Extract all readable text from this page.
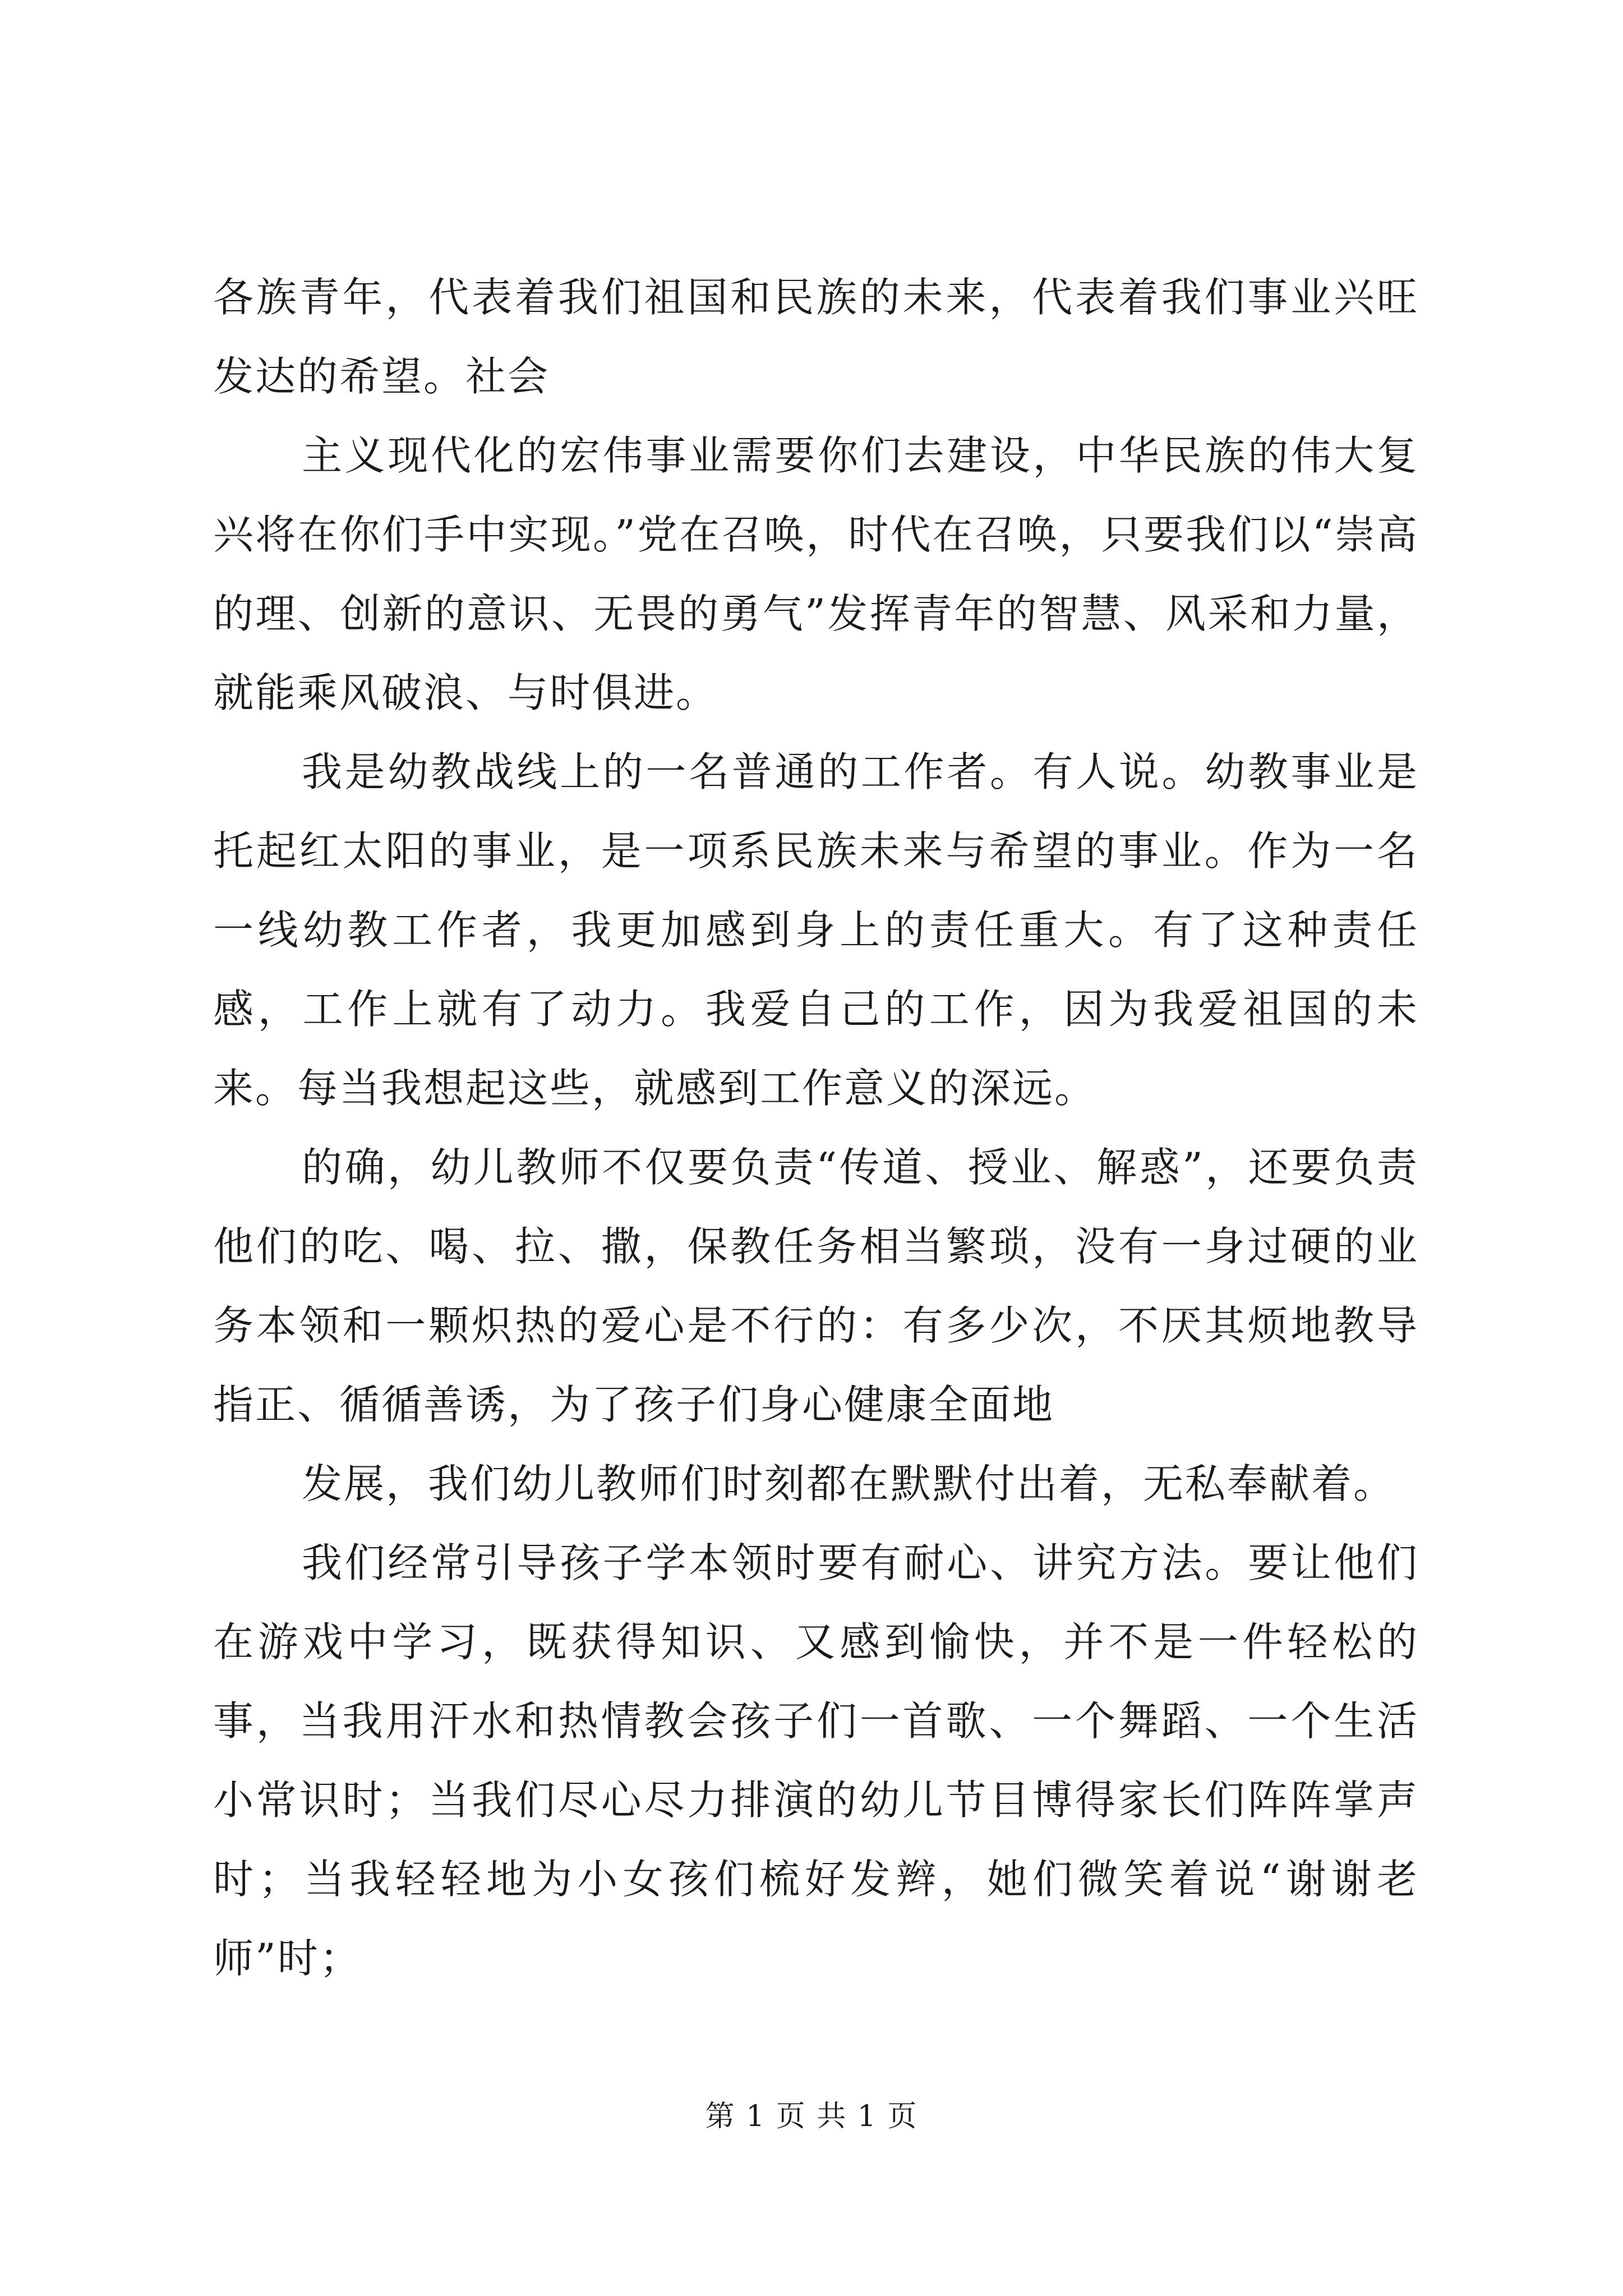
各族青年，代表着我们祖国和民族的未来，代表着我们事业兴旺发达的希望。社会

主义现代化的宏伟事业需要你们去建设，中华民族的伟大复兴将在你们手中实现。”党在召唤，时代在召唤，只要我们以“崇高的理、创新的意识、无畏的勇气”发挥青年的智慧、风采和力量，就能乘风破浪、与时俱进。

我是幼教战线上的一名普通的工作者。有人说。幼教事业是托起红太阳的事业，是一项系民族未来与希望的事业。作为一名一线幼教工作者，我更加感到身上的责任重大。有了这种责任感，工作上就有了动力。我爱自己的工作，因为我爱祖国的未来。每当我想起这些，就感到工作意义的深远。

的确，幼儿教师不仅要负责“传道、授业、解惑”，还要负责他们的吃、喝、拉、撒，保教任务相当繁琐，没有一身过硬的业务本领和一颗炽热的爱心是不行的：有多少次，不厌其烦地教导指正、循循善诱，为了孩子们身心健康全面地

发展，我们幼儿教师们时刻都在默默付出着，无私奉献着。

我们经常引导孩子学本领时要有耐心、讲究方法。要让他们在游戏中学习，既获得知识、又感到愉快，并不是一件轻松的事，当我用汗水和热情教会孩子们一首歌、一个舞蹈、一个生活小常识时；当我们尽心尽力排演的幼儿节目博得家长们阵阵掌声时；当我轻轻地为小女孩们梳好发辫，她们微笑着说“谢谢老师”时；

第 1 页 共 1 页
